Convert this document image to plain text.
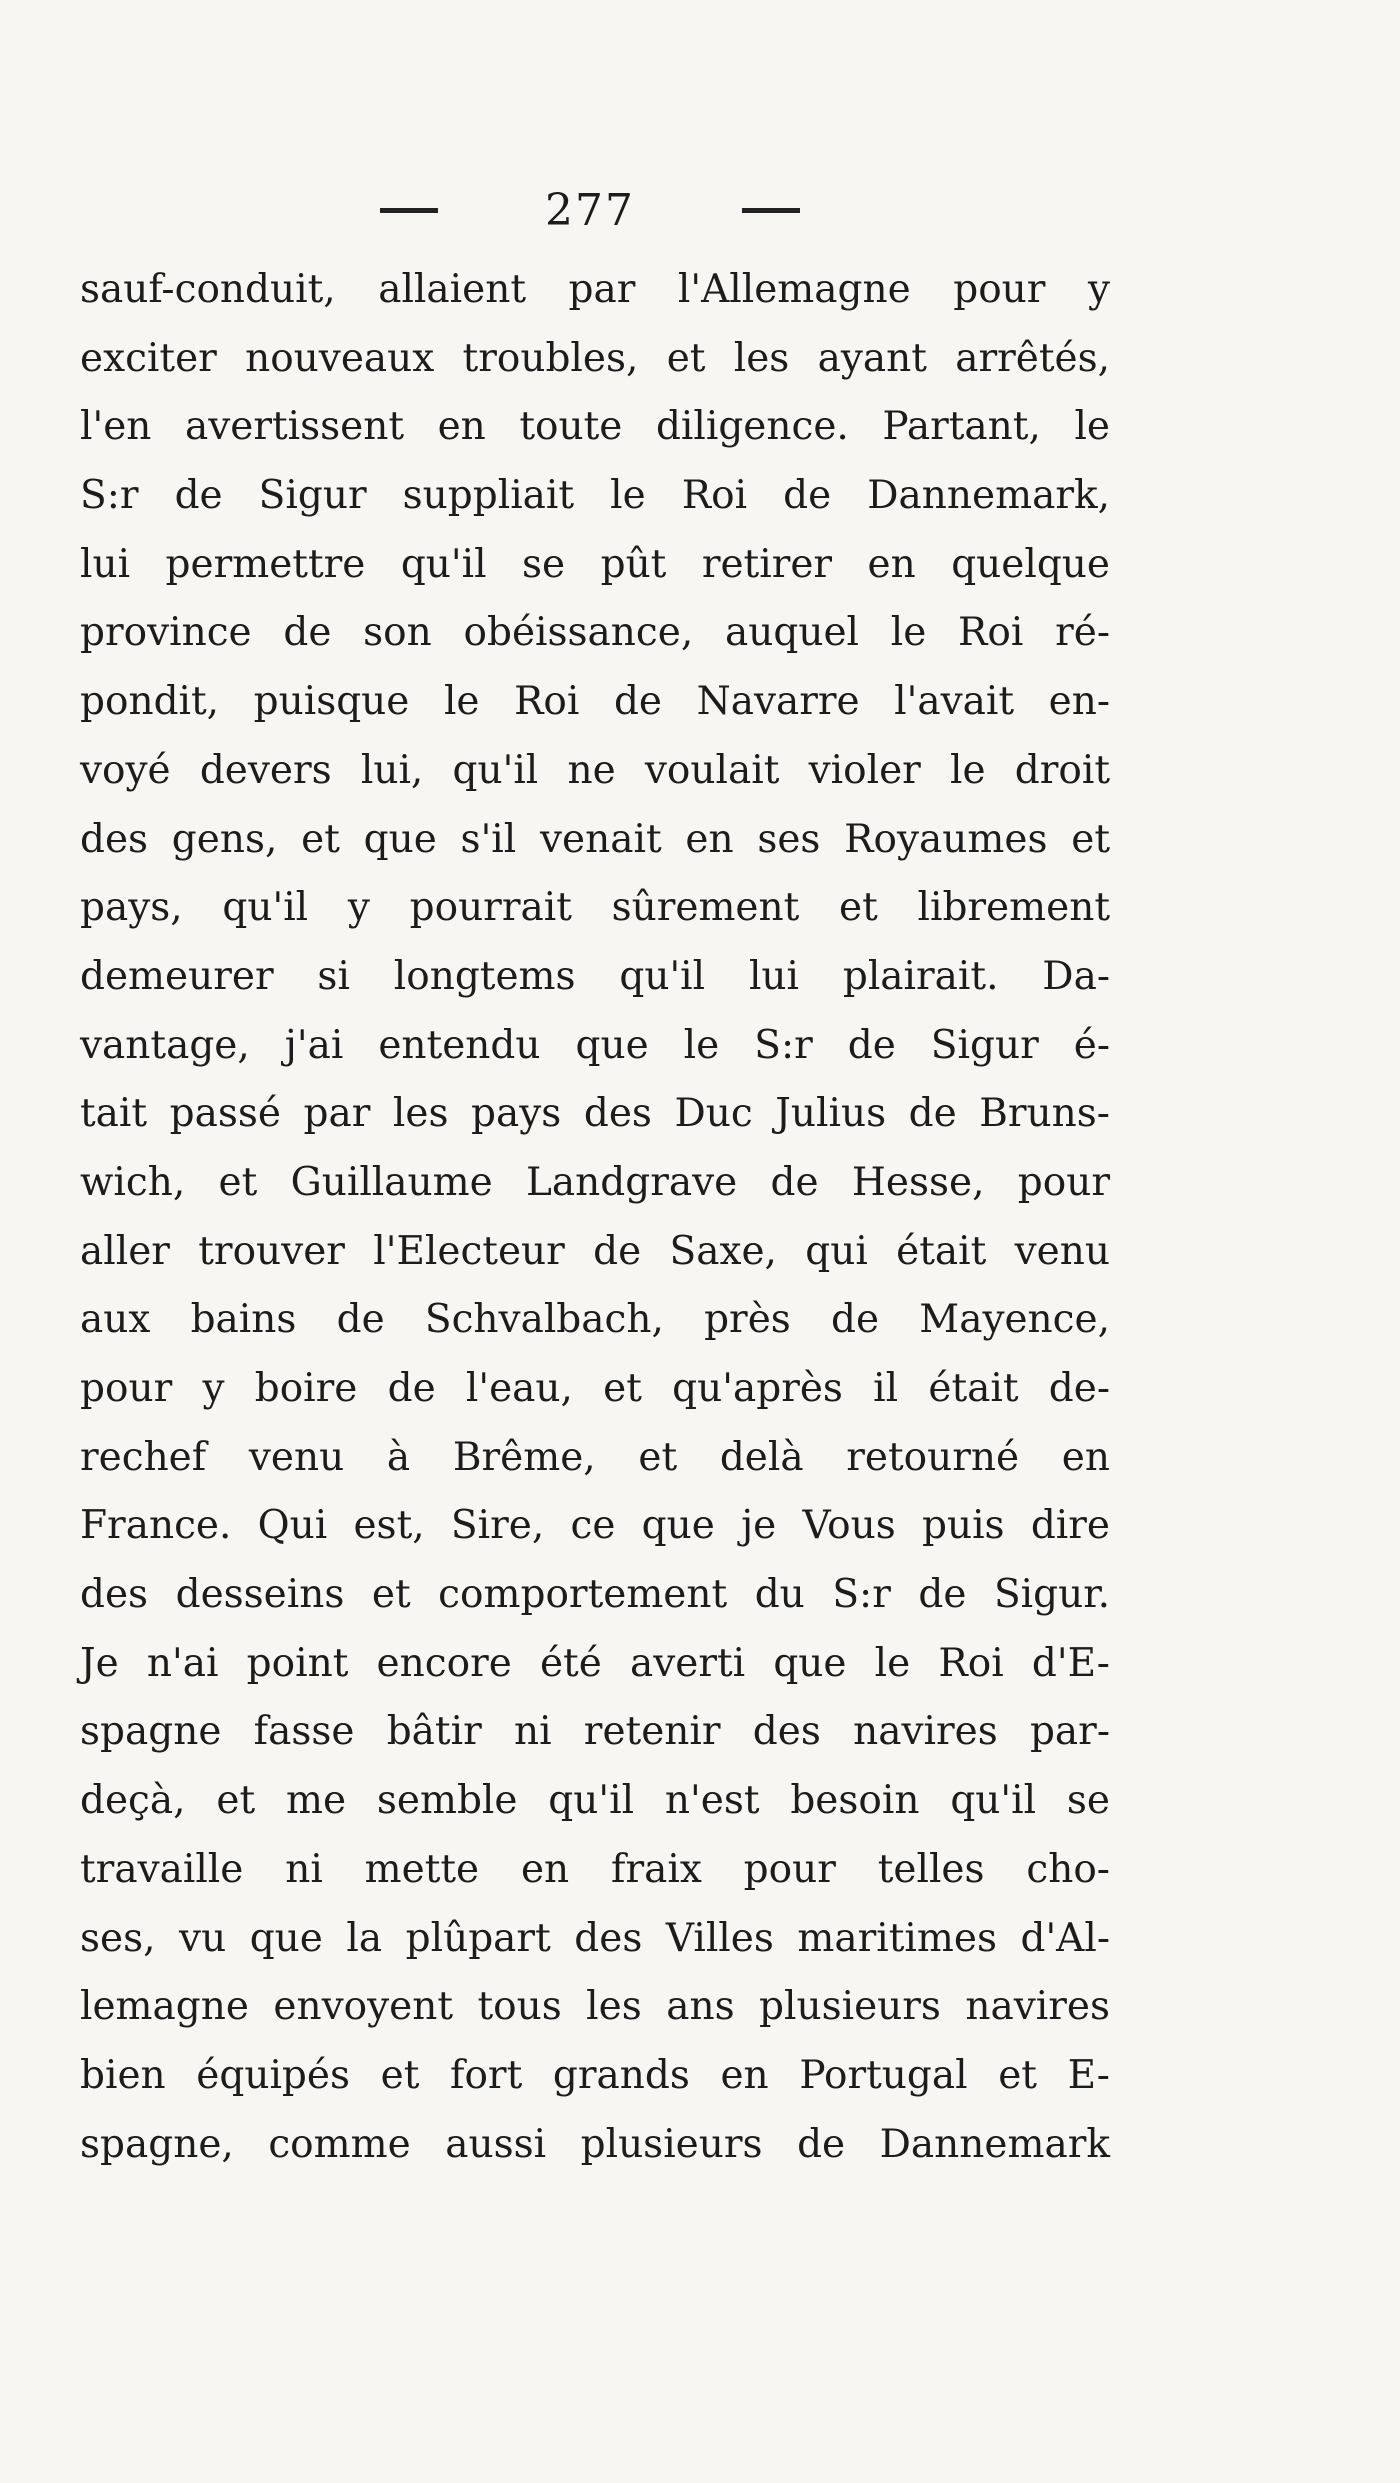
277
sauf-conduit, allaient par l'Allemagne pour y
exciter nouveaux troubles, et les ayant arrêtés,
l'en avertissent en toute diligence. Partant, le
S:r de Sigur suppliait le Roi de Dannemark,
lui permettre qu'il se pût retirer en quelque
province de son obéissance, auquel le Roi ré-
pondit, puisque le Roi de Navarre l'avait en-
voyé devers lui, qu'il ne voulait violer le droit
des gens, et que s'il venait en ses Royaumes et
pays, qu'il y pourrait sûrement et librement
demeurer si longtems qu'il lui plairait. Da-
vantage, j'ai entendu que le S:r de Sigur é-
tait passé par les pays des Duc Julius de Bruns-
wich, et Guillaume Landgrave de Hesse, pour
aller trouver l'Electeur de Saxe, qui était venu
aux bains de Schvalbach, près de Mayence,
pour y boire de l'eau, et qu'après il était de-
rechef venu à Brême, et delà retourné en
France. Qui est, Sire, ce que je Vous puis dire
des desseins et comportement du S:r de Sigur.
Je n'ai point encore été averti que le Roi d'E-
spagne fasse bâtir ni retenir des navires par-
deçà, et me semble qu'il n'est besoin qu'il se
travaille ni mette en fraix pour telles cho-
ses, vu que la plûpart des Villes maritimes d'Al-
lemagne envoyent tous les ans plusieurs navires
bien équipés et fort grands en Portugal et E-
spagne, comme aussi plusieurs de Dannemark
